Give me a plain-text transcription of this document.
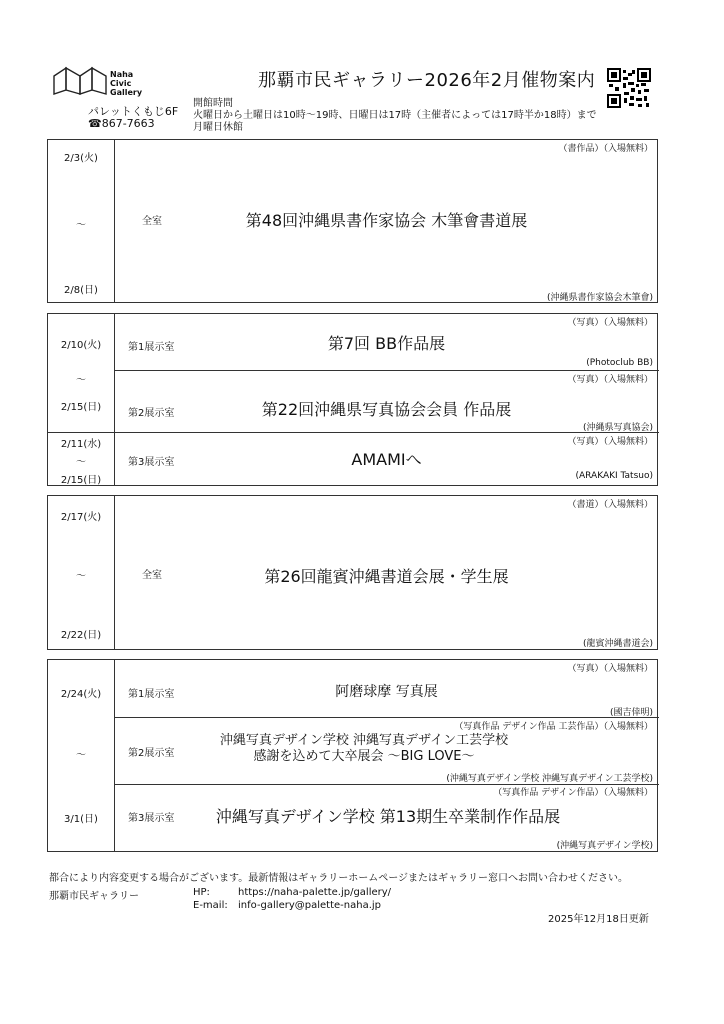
Naha
Civic
Gallery
パレットくもじ6F
☎867-7663
那覇市民ギャラリー2026年2月催物案内
開館時間
火曜日から土曜日は10時〜19時、日曜日は17時（主催者によっては17時半か18時）まで
月曜日休館
2/3(火)
〜
2/8(日)
全室
（書作品）（入場無料）
第48回沖縄県書作家協会 木筆會書道展
(沖縄県書作家協会木筆會)
2/10(火)
〜
2/15(日)
2/11(水)
〜
2/15(日)
第1展示室
（写真）（入場無料）
第7回 BB作品展
(Photoclub BB)
第2展示室
（写真）（入場無料）
第22回沖縄県写真協会会員 作品展
(沖縄県写真協会)
第3展示室
（写真）（入場無料）
AMAMIへ
(ARAKAKI Tatsuo)
2/17(火)
〜
2/22(日)
全室
（書道）（入場無料）
第26回龍賓沖縄書道会展・学生展
(龍賓沖縄書道会)
2/24(火)
〜
3/1(日)
第1展示室
（写真）（入場無料）
阿磨球摩 写真展
(國吉倖明)
第2展示室
（写真作品 デザイン作品 工芸作品）（入場無料）
沖縄写真デザイン学校 沖縄写真デザイン工芸学校
感謝を込めて大卒展会 〜BIG LOVE〜
(沖縄写真デザイン学校 沖縄写真デザイン工芸学校)
第3展示室
（写真作品 デザイン作品）（入場無料）
沖縄写真デザイン学校 第13期生卒業制作作品展
(沖縄写真デザイン学校)
都合により内容変更する場合がございます。最新情報はギャラリーホームページまたはギャラリー窓口へお問い合わせください。
那覇市民ギャラリー	HP:	https://naha-palette.jp/gallery/
E-mail: info-gallery@palette-naha.jp
2025年12月18日更新
